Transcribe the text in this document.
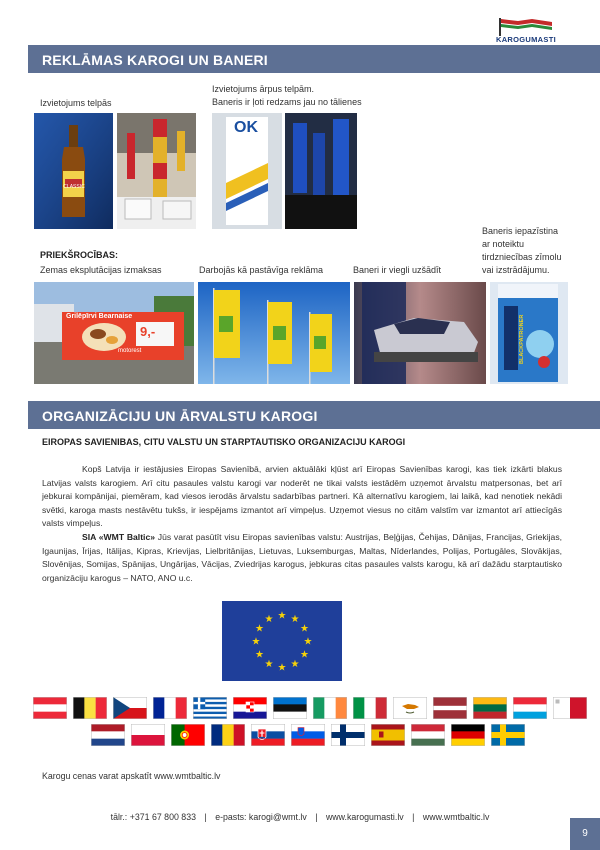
KAROGUMASTI
REKLĀMAS KAROGI UN BANERI
Izvietojums telpās
Izvietojums ārpus telpām.
Baneris ir ļoti redzams jau no tālienes
CLASSIC
OK
PRIEKŠROCĪBAS:
Zemas eksplutācijas izmaksas	Darbojās kā pastāvīga reklāma	Baneri ir viegli uzšādīt
Baneris iepazīstina
ar noteiktu
tirdzniecības zīmolu
vai izstrādājumu.
Grilēpīrvi Bearnaise
9,-
motorest	BLACKPATRONER
ORGANIZĀCIJU UN ĀRVALSTU KAROGI
EIROPAS SAVIENIBAS, CITU VALSTU UN STARPTAUTISKO ORGANIZACIJU KAROGI
Kopš Latvija ir iestājusies Eiropas Savienībā, arvien aktuālāki kļūst arī Eiropas Savienības karogi, kas tiek izkārti blakus Latvijas valsts karogiem. Arī citu pasaules valstu karogi var noderēt ne tikai valsts iestādēm uzņemot ārvalstu matpersonas, bet arī jebkurai kompānijai, piemēram, kad viesos ierodās ārvalstu sadarbības partneri. Kā alternatīvu karogiem, lai laikā, kad nenotiek nekādi svētki, karoga masts nestāvētu tukšs, ir iespējams izmantot arī vimpeļus. Uzņemot viesus no citām valstīm var izmantot arī attiecīgās valsts vimpeļus.
SIA «WMT Baltic» Jūs varat pasūtīt visu Eiropas savienības valstu: Austrijas, Beļģijas, Čehijas, Dānijas, Francijas, Griekijas, Igaunijas, Īrijas, Itālijas, Kipras, Krievijas, Lielbritānijas, Lietuvas, Luksemburgas, Maltas, Nīderlandes, Polijas, Portugāles, Slovākijas, Slovēnijas, Somijas, Spānijas, Ungārijas, Vācijas, Zviedrijas karogus, jebkuras citas pasaules valsts karogu, kā arī dažādu starptautisko organizāciju karogus – NATO, ANO u.c.
★ ★
★
★
★
★
★
★
★
★
★
★
Karogu cenas varat apskatīt www.wmtbaltic.lv
tālr.: +371 67 800 833 | e-pasts: karogi@wmt.lv | www.karogumasti.lv | www.wmtbaltic.lv
9
